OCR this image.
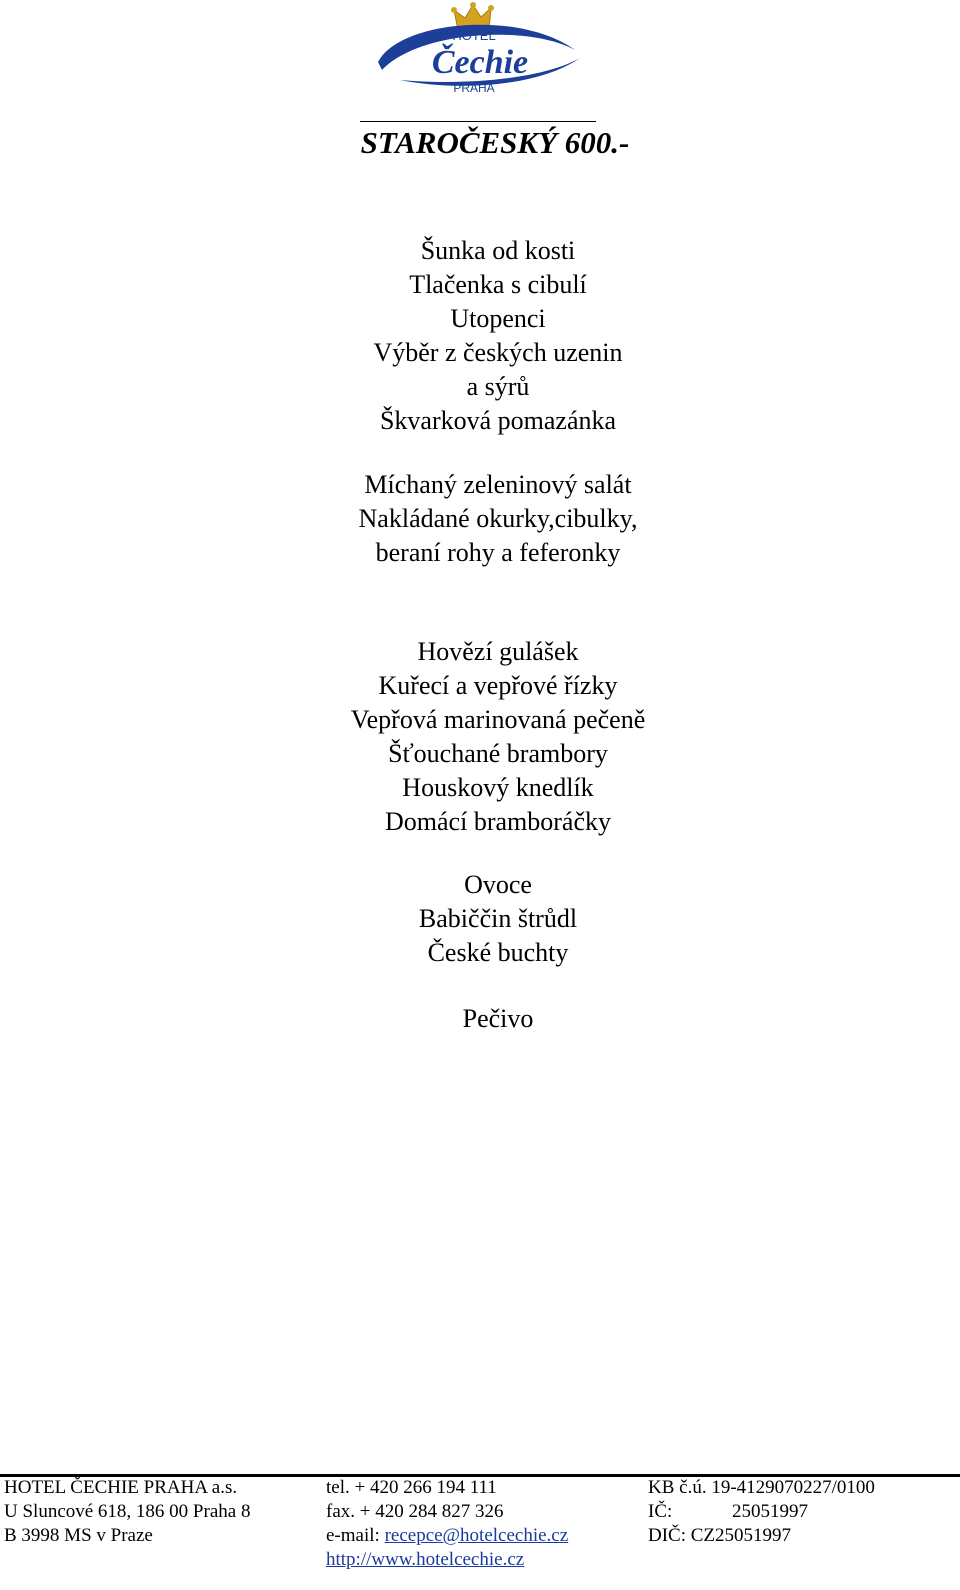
HOTEL
Čechie
PRAHA
STAROČESKÝ 600.-
Šunka od kosti
Tlačenka s cibulí
Utopenci
Výběr z českých uzenin
a sýrů
Škvarková pomazánka
Míchaný zeleninový salát
Nakládané okurky,cibulky,
beraní rohy a feferonky
Hovězí gulášek
Kuřecí a vepřové řízky
Vepřová marinovaná pečeně
Šťouchané brambory
Houskový knedlík
Domácí bramboráčky
Ovoce
Babiččin štrůdl
České buchty
Pečivo
HOTEL ČECHIE PRAHA a.s.
U Sluncové 618, 186 00 Praha 8
B 3998 MS v Praze
tel. + 420 266 194 111
fax. + 420 284 827 326
e-mail: recepce@hotelcechie.cz
http://www.hotelcechie.cz
KB č.ú. 19-4129070227/0100
IČ:	25051997
DIČ: CZ25051997
